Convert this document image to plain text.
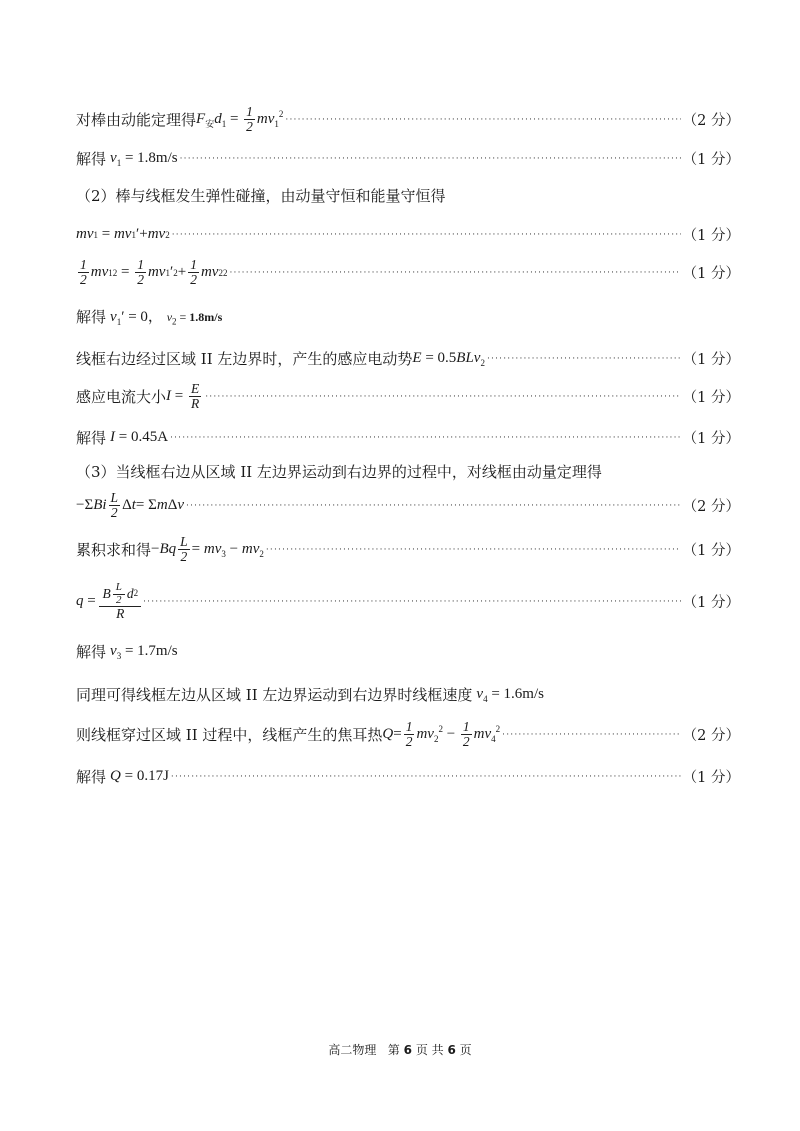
对棒由动能定理得 $F_安d_1 = \frac{1}{2} mv_1^2$ ·····	（2 分）
解得 $v_1 = 1.8m/s$ ·····	（1 分）
（2）棒与线框发生弹性碰撞，由动量守恒和能量守恒得
mv 1 = mv 1 ′+ mv 2 ·····	（1 分）
$\frac{1}{2}$ mv 1 $2 = \frac{1}{2}$ mv 1 ′ $2 + \frac{1}{2}$ mv 2 2 ·····	（1 分）
解得 $v_1' = 0$， $v_2 = 1.8m/s$
线框右边经过区域 II 左边界时，产生的感应电动势 E = 0.5BLv$_2$ ·····	（1 分）
感应电流大小 $I = \frac{E}{R}$ ·····	（1 分）
解得 I = 0.45A ·····	（1 分）
（3）当线框右边从区域 II 左边界运动到右边界的过程中，对线框由动量定理得
−Σ Bi $\frac{L}{2}$ Δ t = Σ m Δ v ·····	（2 分）
累积求和得 $-Bq \frac{L}{2} = mv_3 - mv_2$ ·····	（1 分）
$q = \frac{B \frac{L}{2} d 2}{R}$ ·····	（1 分）
解得 $v_3 = 1.7m/s$
同理可得线框左边从区域 II 左边界运动到右边界时线框速度 $v_4 = 1.6m/s$
则线框穿过区域 II 过程中，线框产生的焦耳热 $Q= \frac{1}{2} mv_2^2 - \frac{1}{2} mv_4^2$ ·····	（2 分）
解得 Q = 0.17J ·····	（1 分）
高二物理 第 6 页 共 6 页
